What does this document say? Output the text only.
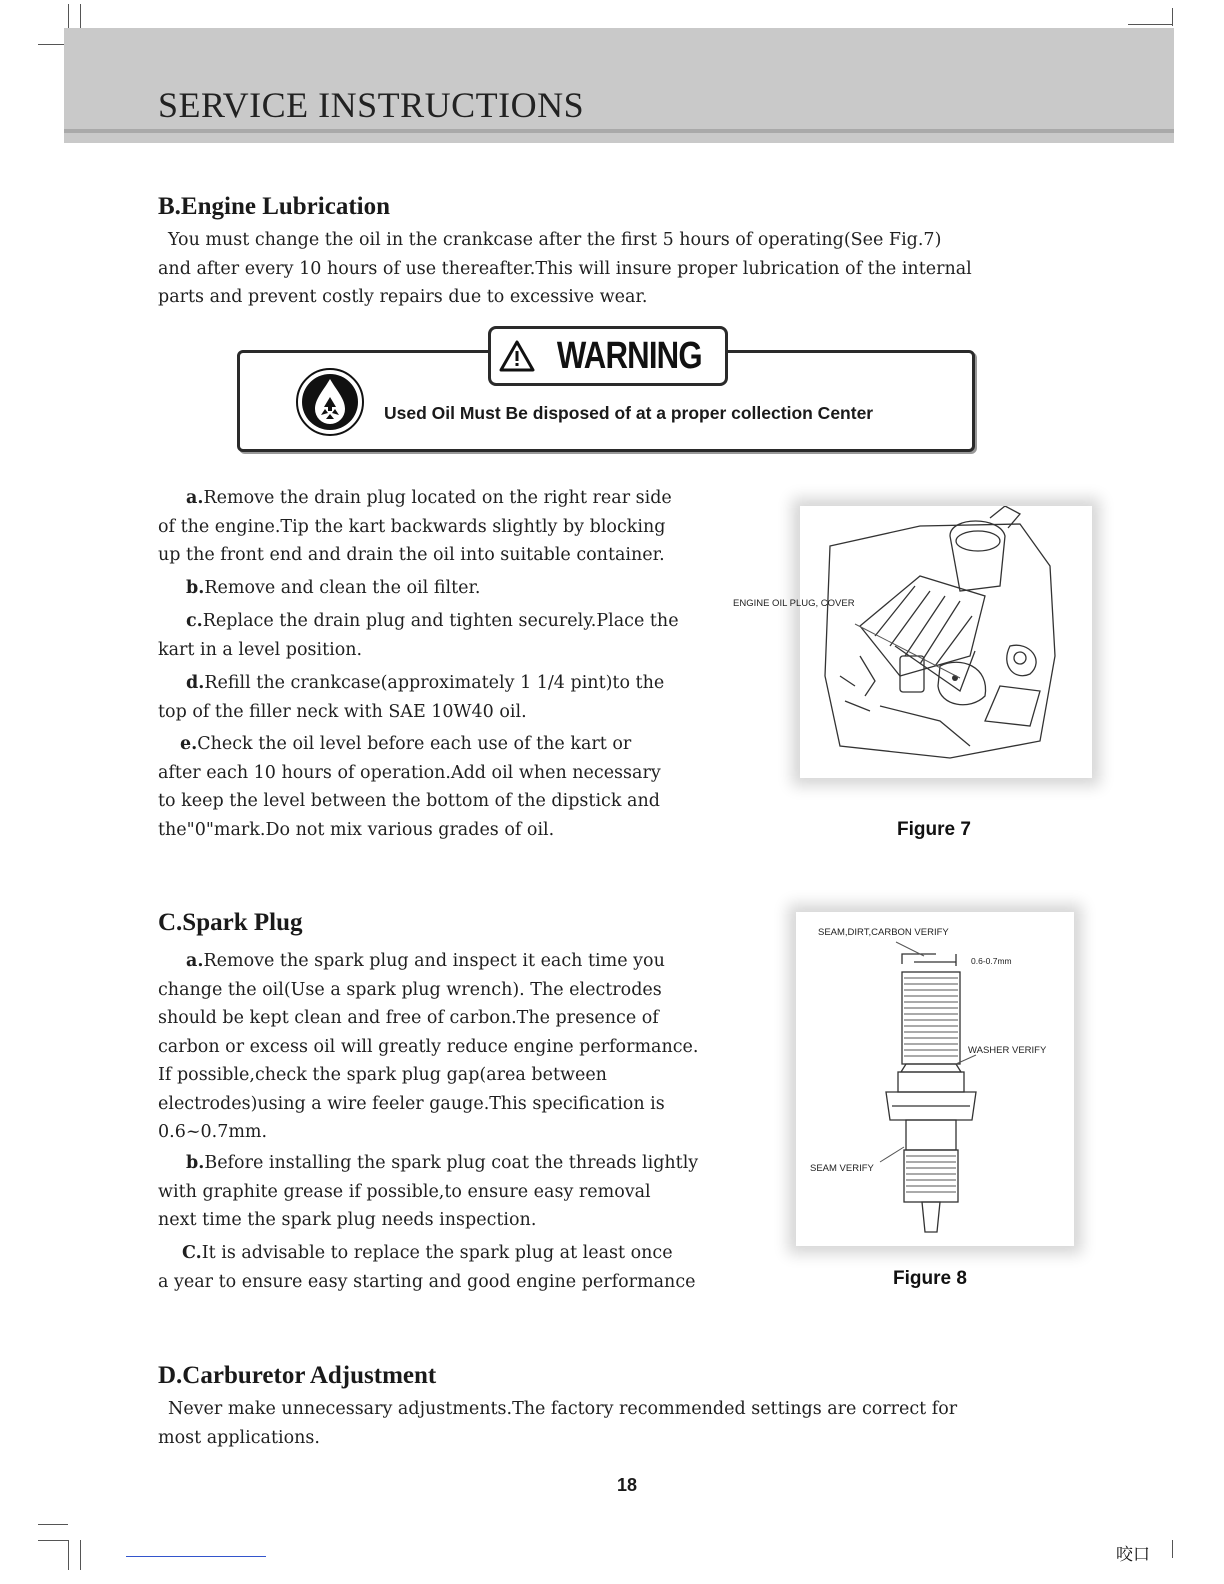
SERVICE INSTRUCTIONS
B.Engine Lubrication
You must change the oil in the crankcase after the first 5 hours of operating(See Fig.7)
and after every 10 hours of use thereafter.This will insure proper lubrication of the internal
parts and prevent costly repairs due to excessive wear.
WARNING

Used Oil Must Be disposed of at a proper collection Center

a.Remove the drain plug located on the right rear side
of the engine.Tip the kart backwards slightly by blocking
up the front end and drain the oil into suitable container.
b.Remove and clean the oil filter.
c.Replace the drain plug and tighten securely.Place the
kart in a level position.
d.Refill the crankcase(approximately 1 1/4 pint)to the
top of the filler neck with SAE 10W40 oil.
e.Check the oil level before each use of the kart or
after each 10 hours of operation.Add oil when necessary
to keep the level between the bottom of the dipstick and
the"0"mark.Do not mix various grades of oil.

ENGINE OIL PLUG, COVER

Figure 7

C.Spark Plug
a.Remove the spark plug and inspect it each time you
change the oil(Use a spark plug wrench). The electrodes
should be kept clean and free of carbon.The presence of
carbon or excess oil will greatly reduce engine performance.
If possible,check the spark plug gap(area between
electrodes)using a wire feeler gauge.This specification is
0.6~0.7mm.
b.Before installing the spark plug coat the threads lightly
with graphite grease if possible,to ensure easy removal
next time the spark plug needs inspection.
C.It is advisable to replace the spark plug at least once
a year to ensure easy starting and good engine performance

SEAM,DIRT,CARBON VERIFY

0.6-0.7mm

WASHER VERIFY

SEAM VERIFY

Figure 8

D.Carburetor Adjustment
Never make unnecessary adjustments.The factory recommended settings are correct for
most applications.

18

咬口
